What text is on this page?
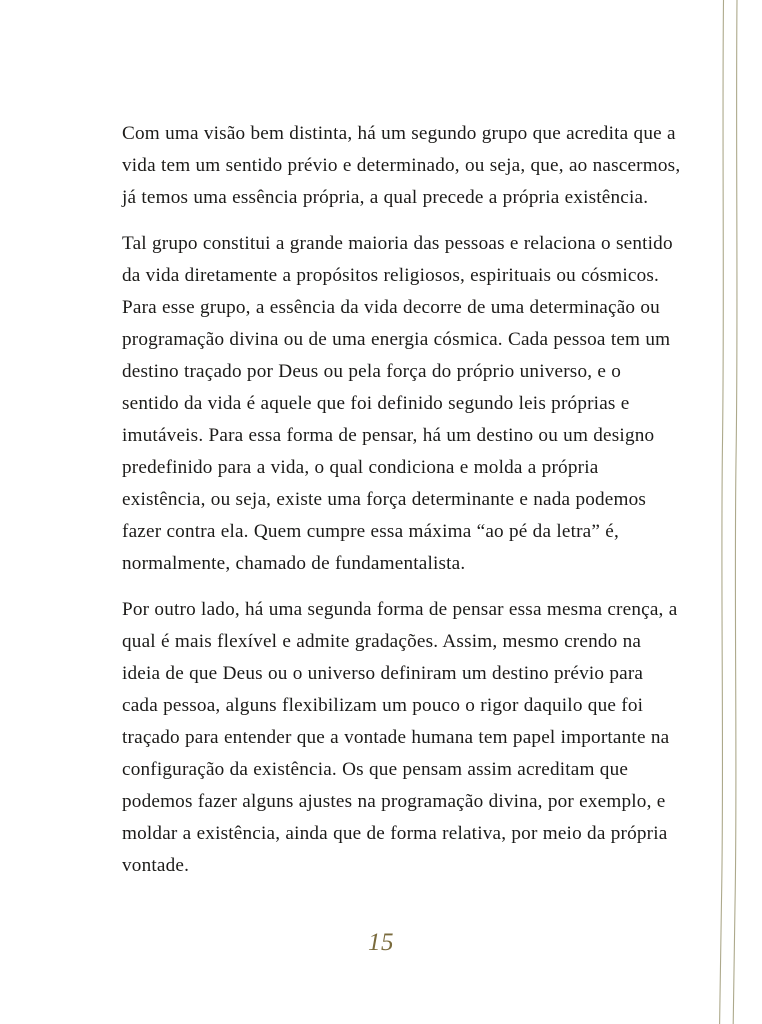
Com uma visão bem distinta, há um segundo grupo que acredita que a vida tem um sentido prévio e determinado, ou seja, que, ao nascermos, já temos uma essência própria, a qual precede a própria existência.

Tal grupo constitui a grande maioria das pessoas e relaciona o sentido da vida diretamente a propósitos religiosos, espirituais ou cósmicos. Para esse grupo, a essência da vida decorre de uma determinação ou programação divina ou de uma energia cósmica. Cada pessoa tem um destino traçado por Deus ou pela força do próprio universo, e o sentido da vida é aquele que foi definido segundo leis próprias e imutáveis. Para essa forma de pensar, há um destino ou um designo predefinido para a vida, o qual condiciona e molda a própria existência, ou seja, existe uma força determinante e nada podemos fazer contra ela. Quem cumpre essa máxima “ao pé da letra” é, normalmente, chamado de fundamentalista.

Por outro lado, há uma segunda forma de pensar essa mesma crença, a qual é mais flexível e admite gradações. Assim, mesmo crendo na ideia de que Deus ou o universo definiram um destino prévio para cada pessoa, alguns flexibilizam um pouco o rigor daquilo que foi traçado para entender que a vontade humana tem papel importante na configuração da existência. Os que pensam assim acreditam que podemos fazer alguns ajustes na programação divina, por exemplo, e moldar a existência, ainda que de forma relativa, por meio da própria vontade.

15
